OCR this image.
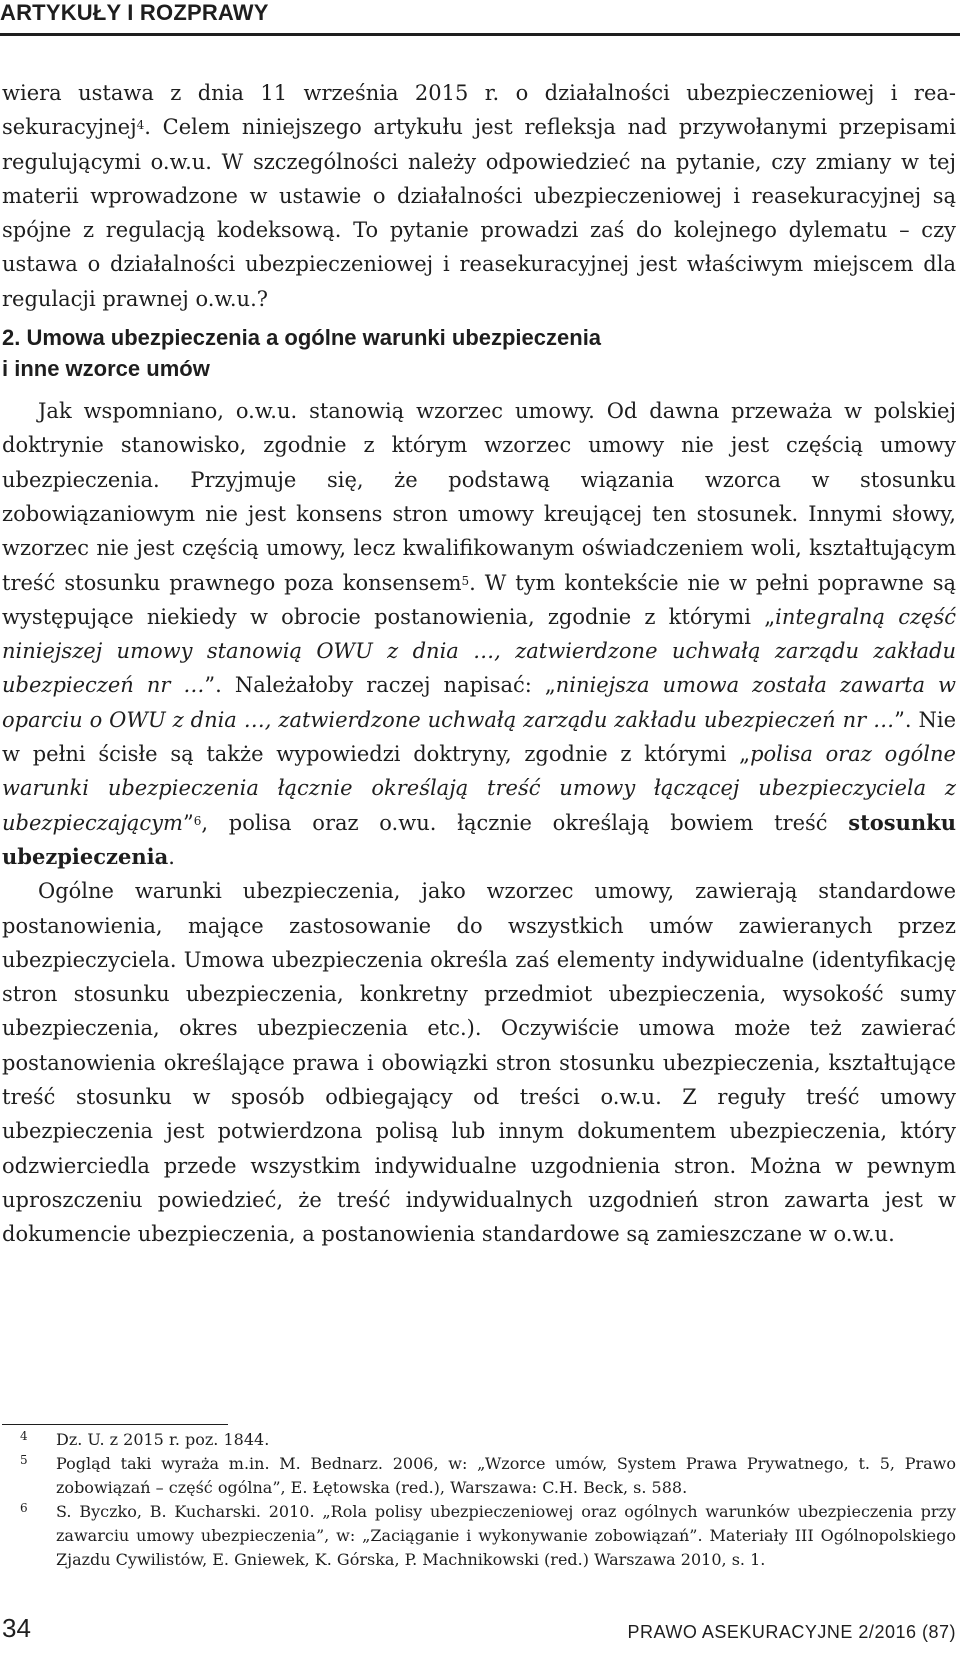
ARTYKUŁY I ROZPRAWY

wiera ustawa z dnia 11 września 2015 r. o działalności ubezpieczeniowej i reasekuracyjnej$^4$. Celem niniejszego artykułu jest refleksja nad przywołanymi przepisami regulującymi o.w.u. W szczególności należy odpowiedzieć na pytanie, czy zmiany w tej materii wprowadzone w ustawie o działalności ubezpieczeniowej i reasekuracyjnej są spójne z regulacją kodeksową. To pytanie prowadzi zaś do kolejnego dylematu – czy ustawa o działalności ubezpieczeniowej i reasekuracyjnej jest właściwym miejscem dla regulacji prawnej o.w.u.?

2. Umowa ubezpieczenia a ogólne warunki ubezpieczenia
i inne wzorce umów

Jak wspomniano, o.w.u. stanowią wzorzec umowy. Od dawna przeważa w polskiej doktrynie stanowisko, zgodnie z którym wzorzec umowy nie jest częścią umowy ubezpieczenia. Przyjmuje się, że podstawą wiązania wzorca w stosunku zobowiązaniowym nie jest konsens stron umowy kreującej ten stosunek. Innymi słowy, wzorzec nie jest częścią umowy, lecz kwalifikowanym oświadczeniem woli, kształtującym treść stosunku prawnego poza konsensem$^5$. W tym kontekście nie w pełni poprawne są występujące niekiedy w obrocie postanowienia, zgodnie z którymi „integralną część niniejszej umowy stanowią OWU z dnia …, zatwierdzone uchwałą zarządu zakładu ubezpieczeń nr …”. Należałoby raczej napisać: „niniejsza umowa została zawarta w oparciu o OWU z dnia …, zatwierdzone uchwałą zarządu zakładu ubezpieczeń nr …”. Nie w pełni ścisłe są także wypowiedzi doktryny, zgodnie z którymi „polisa oraz ogólne warunki ubezpieczenia łącznie określają treść umowy łączącej ubezpieczyciela z ubezpieczającym”$^6$, polisa oraz o.wu. łącznie określają bowiem treść stosunku ubezpieczenia.

Ogólne warunki ubezpieczenia, jako wzorzec umowy, zawierają standardowe postanowienia, mające zastosowanie do wszystkich umów zawieranych przez ubezpieczyciela. Umowa ubezpieczenia określa zaś elementy indywidualne (identyfikację stron stosunku ubezpieczenia, konkretny przedmiot ubezpieczenia, wysokość sumy ubezpieczenia, okres ubezpieczenia etc.). Oczywiście umowa może też zawierać postanowienia określające prawa i obowiązki stron stosunku ubezpieczenia, kształtujące treść stosunku w sposób odbiegający od treści o.w.u. Z reguły treść umowy ubezpieczenia jest potwierdzona polisą lub innym dokumentem ubezpieczenia, który odzwierciedla przede wszystkim indywidualne uzgodnienia stron. Można w pewnym uproszczeniu powiedzieć, że treść indywidualnych uzgodnień stron zawarta jest w dokumencie ubezpieczenia, a postanowienia standardowe są zamieszczane w o.w.u.

4 Dz. U. z 2015 r. poz. 1844.
5 Pogląd taki wyraża m.in. M. Bednarz. 2006, w: „Wzorce umów, System Prawa Prywatnego, t. 5, Prawo zobowiązań – część ogólna”, E. Łętowska (red.), Warszawa: C.H. Beck, s. 588.
6 S. Byczko, B. Kucharski. 2010. „Rola polisy ubezpieczeniowej oraz ogólnych warunków ubezpieczenia przy zawarciu umowy ubezpieczenia”, w: „Zaciąganie i wykonywanie zobowiązań”. Materiały III Ogólnopolskiego Zjazdu Cywilistów, E. Gniewek, K. Górska, P. Machnikowski (red.) Warszawa 2010, s. 1.
34	PRAWO ASEKURACYJNE 2/2016 (87)
